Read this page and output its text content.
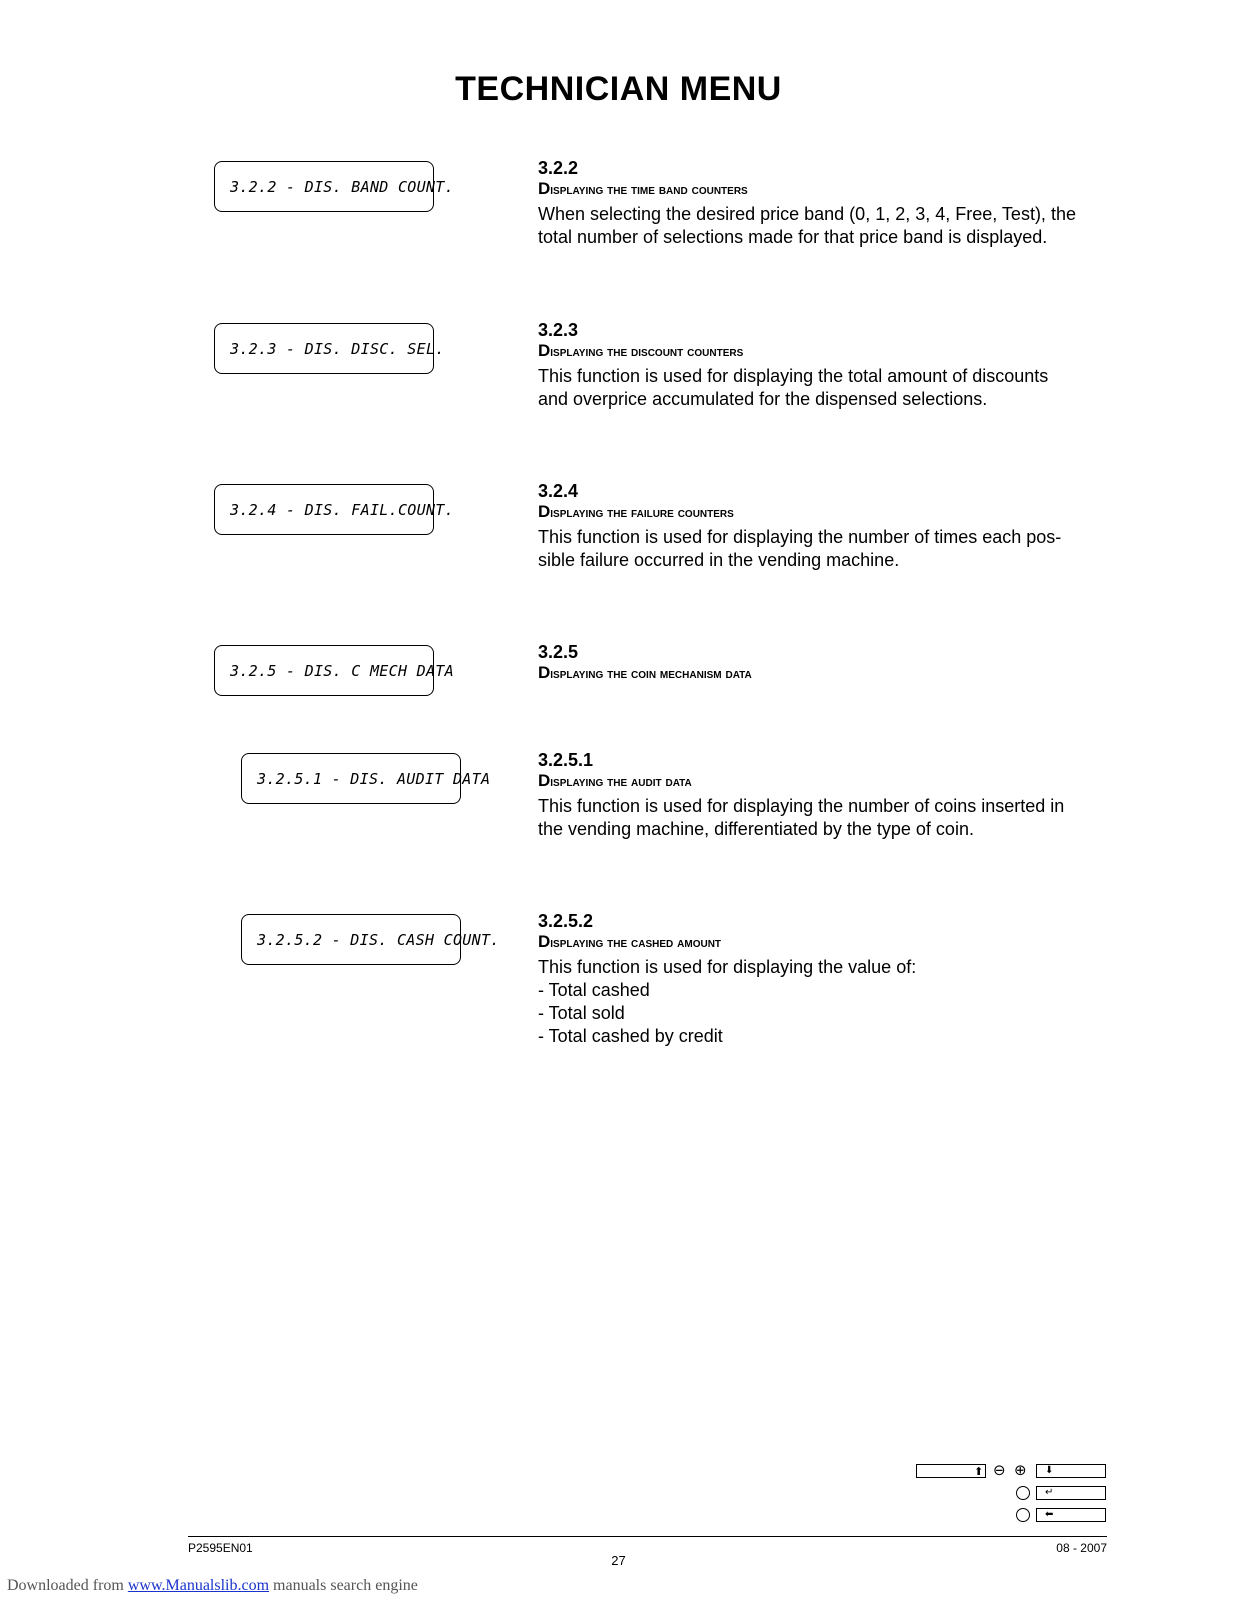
TECHNICIAN MENU
3.2.2 - DIS. BAND COUNT.
3.2.2
Displaying the time band counters
When selecting the desired price band (0, 1, 2, 3, 4, Free, Test), the
total number of selections made for that price band is displayed.
3.2.3 - DIS. DISC. SEL.
3.2.3
Displaying the discount counters
This function is used for displaying the total amount of discounts
and overprice accumulated for the dispensed selections.
3.2.4 - DIS. FAIL.COUNT.
3.2.4
Displaying the failure counters
This function is used for displaying the number of times each pos-
sible failure occurred in the vending machine.
3.2.5 - DIS. C MECH DATA
3.2.5
Displaying the coin mechanism data
3.2.5.1 - DIS. AUDIT DATA
3.2.5.1
Displaying the audit data
This function is used for displaying the number of coins inserted in
the vending machine, differentiated by the type of coin.
3.2.5.2 - DIS. CASH COUNT.
3.2.5.2
Displaying the cashed amount
This function is used for displaying the value of:
- Total cashed
- Total sold
- Total cashed by credit
⬆ ⊖ ⊕	⬇
↵
⬅
P2595EN01	08 - 2007
27
Downloaded from www.Manualslib.com manuals search engine
